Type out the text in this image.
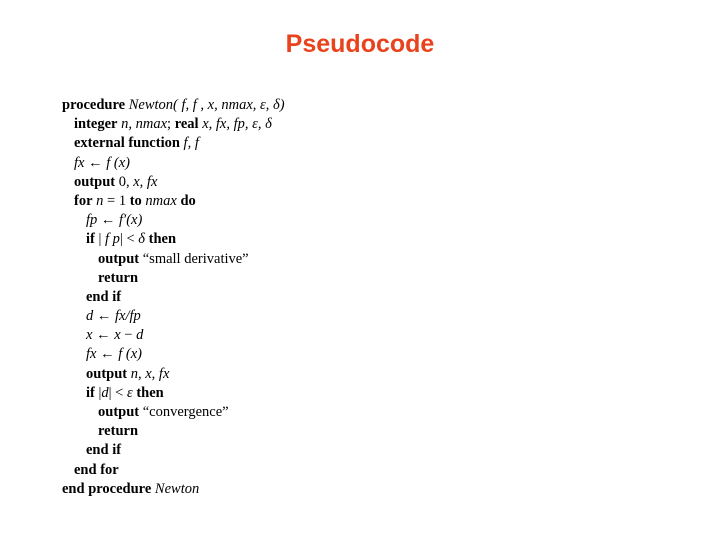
Pseudocode
procedure Newton( f, f , x, nmax, ε, δ)
integer n, nmax; real x, fx, fp, ε, δ
external function f, f
fx ← f (x)
output 0, x, fx
for n = 1 to nmax do
fp ← f′(x)
if | f p| < δ then
output “small derivative”
return
end if
d ← fx/fp
x ← x − d
fx ← f (x)
output n, x, fx
if |d| < ε then
output “convergence”
return
end if
end for
end procedure Newton
